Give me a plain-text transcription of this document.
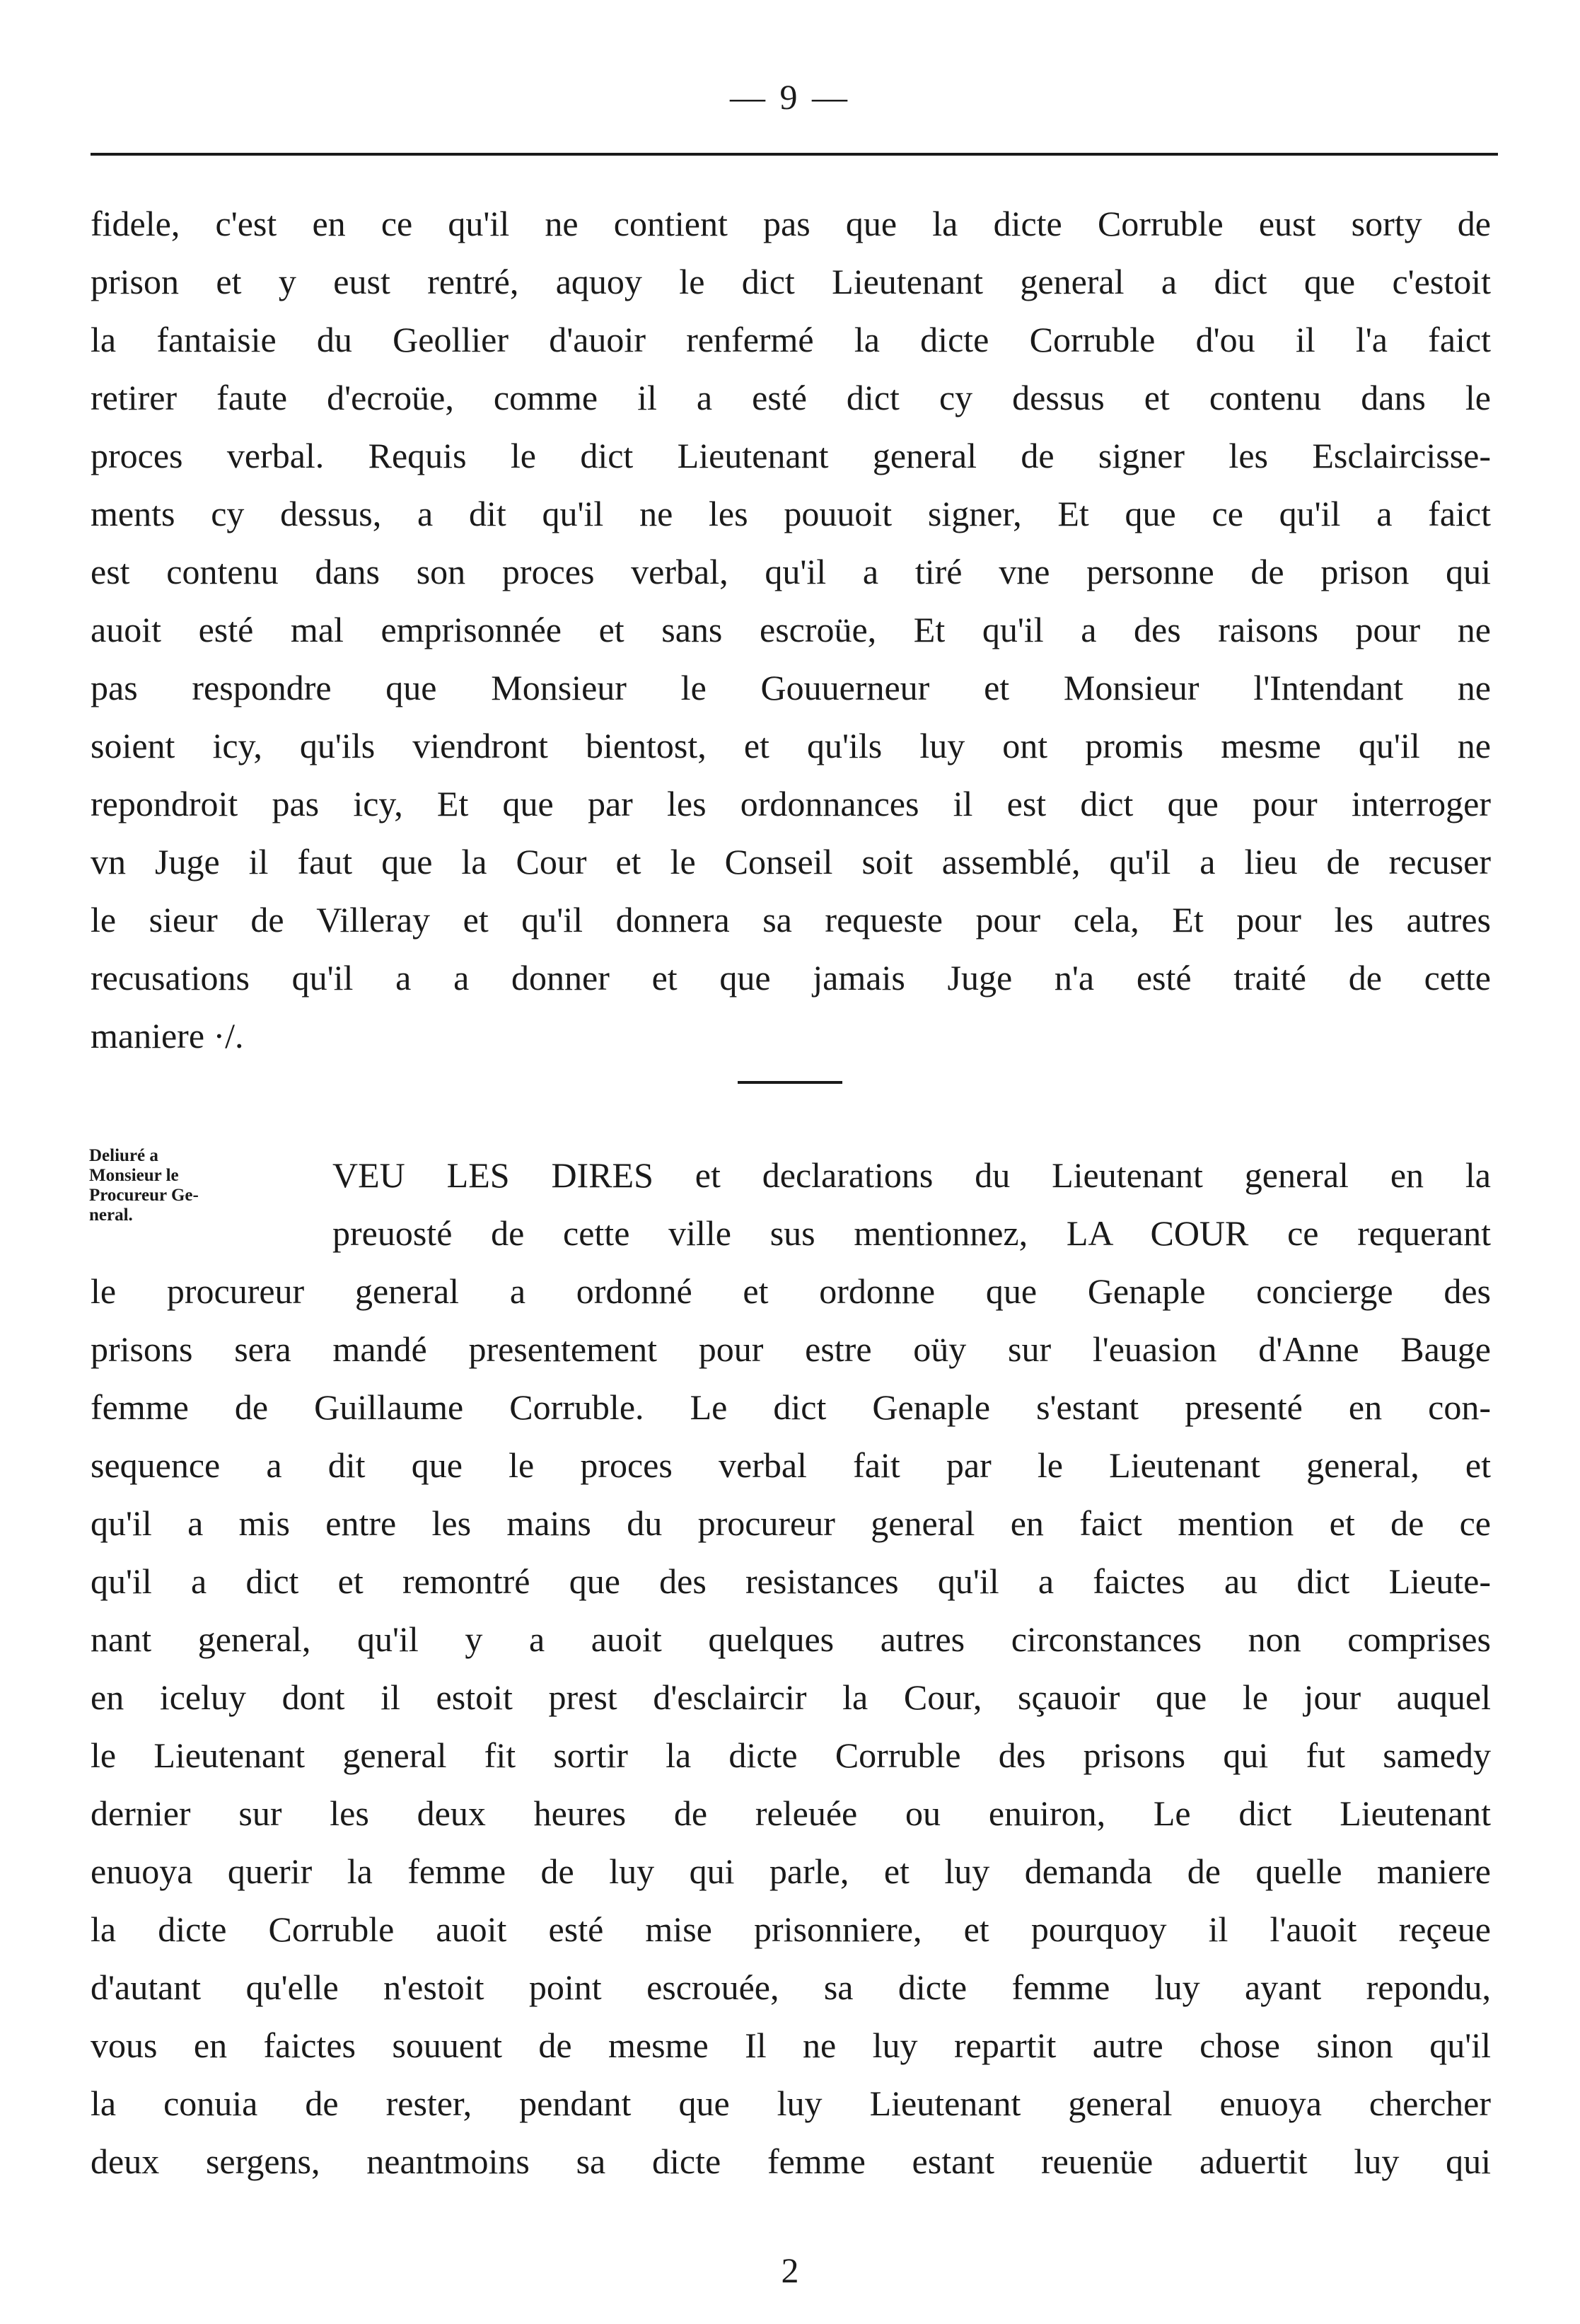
— 9 —
fidele, c'est en ce qu'il ne contient pas que la dicte Corruble eust sorty de
prison et y eust rentré, aquoy le dict Lieutenant general a dict que c'estoit
la fantaisie du Geollier d'auoir renfermé la dicte Corruble d'ou il l'a faict
retirer faute d'ecroüe, comme il a esté dict cy dessus et contenu dans le
proces verbal. Requis le dict Lieutenant general de signer les Esclaircisse-
ments cy dessus, a dit qu'il ne les pouuoit signer, Et que ce qu'il a faict
est contenu dans son proces verbal, qu'il a tiré vne personne de prison qui
auoit esté mal emprisonnée et sans escroüe, Et qu'il a des raisons pour ne
pas respondre que Monsieur le Gouuerneur et Monsieur l'Intendant ne
soient icy, qu'ils viendront bientost, et qu'ils luy ont promis mesme qu'il ne
repondroit pas icy, Et que par les ordonnances il est dict que pour interroger
vn Juge il faut que la Cour et le Conseil soit assemblé, qu'il a lieu de recuser
le sieur de Villeray et qu'il donnera sa requeste pour cela, Et pour les autres
recusations qu'il a a donner et que jamais Juge n'a esté traité de cette
maniere ·/.
Deliuré a
Monsieur le
Procureur Ge-
neral.
VEU LES DIRES et declarations du Lieutenant general en la
preuosté de cette ville sus mentionnez, LA COUR ce requerant
le procureur general a ordonné et ordonne que Genaple concierge des
prisons sera mandé presentement pour estre oüy sur l'euasion d'Anne Bauge
femme de Guillaume Corruble. Le dict Genaple s'estant presenté en con-
sequence a dit que le proces verbal fait par le Lieutenant general, et
qu'il a mis entre les mains du procureur general en faict mention et de ce
qu'il a dict et remontré que des resistances qu'il a faictes au dict Lieute-
nant general, qu'il y a auoit quelques autres circonstances non comprises
en iceluy dont il estoit prest d'esclaircir la Cour, sçauoir que le jour auquel
le Lieutenant general fit sortir la dicte Corruble des prisons qui fut samedy
dernier sur les deux heures de releuée ou enuiron, Le dict Lieutenant
enuoya querir la femme de luy qui parle, et luy demanda de quelle maniere
la dicte Corruble auoit esté mise prisonniere, et pourquoy il l'auoit reçeue
d'autant qu'elle n'estoit point escrouée, sa dicte femme luy ayant repondu,
vous en faictes souuent de mesme Il ne luy repartit autre chose sinon qu'il
la conuia de rester, pendant que luy Lieutenant general enuoya chercher
deux sergens, neantmoins sa dicte femme estant reuenüe aduertit luy qui
2
